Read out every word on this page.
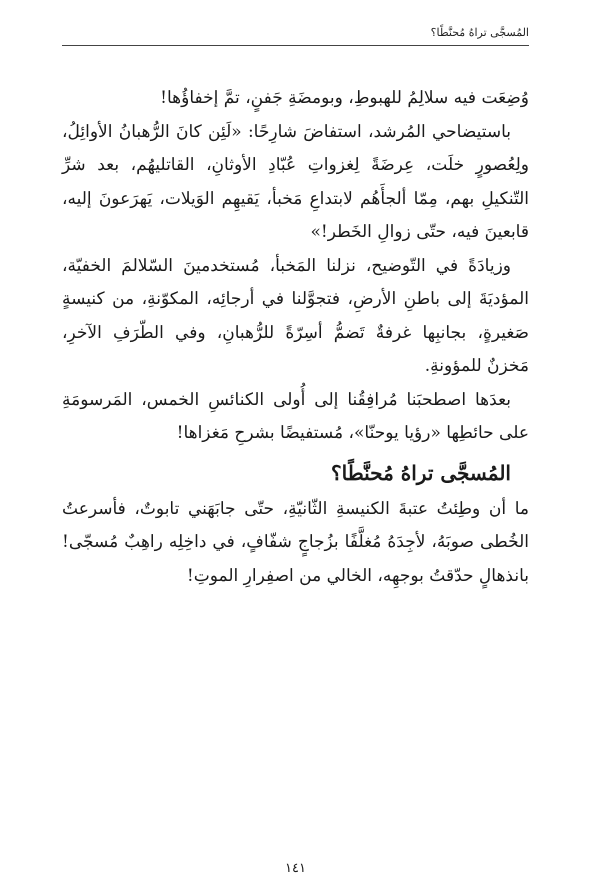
المُسجَّى تراهُ مُحنَّطًا؟

وُضِعَت فيه سلالِمُ للهبوطِ، وبومضَةِ جَفنٍ، تمَّ إخفاؤُها!

باستيضاحي المُرشد، استفاضَ شارِحًا: «لَئِن كانَ الرُّهبانُ الأوائِلُ، ولِعُصورٍ خلَت، عِرضَةً لِغزواتِ عُبّادِ الأوثانِ، القاتليهُم، بعد شرِّ التّنكيلِ بهم، مِمّا ألجأَهُم لابتداعِ مَخبأ، يَقيهِم الوَيلات، يَهرَعونَ إليه، قابعينَ فيه، حتّى زوالِ الخَطر!»

وزيادَةً في التّوضيح، نزلنا المَخبأ، مُستخدمينَ السّلالمَ الخفيّة، المؤديَةَ إلى باطنِ الأرضِ، فتجوَّلنا في أرجائِه، المكوّنةِ، من كنيسةٍ صَغيرةٍ، بجانبِها غرفةٌ تَضمُّ أسِرّةً للرُّهبانِ، وفي الطّرَفِ الآخرِ، مَخزنٌ للمؤونةِ.

بعدَها اصطحبَنا مُرافِقُنا إلى أُولى الكنائسِ الخمس، المَرسومَةِ على حائطِها «رؤيا يوحنّا»، مُستفيضًا بشرحِ مَغزاها!

المُسجَّى تراهُ مُحنَّطًا؟

ما أن وطِئتُ عتبةَ الكنيسةِ الثّانيّةِ، حتّى جابَهَني تابوتٌ، فأسرعتُ الخُطى صوبَهُ، لأجِدَهُ مُغلَّفًا بزُجاجٍ شفّافٍ، في داخِلِه راهِبٌ مُسجّى! بانذهالٍ حدّقتُ بوجهِه، الخالي من اصفِرارِ الموتِ!

١٤١
